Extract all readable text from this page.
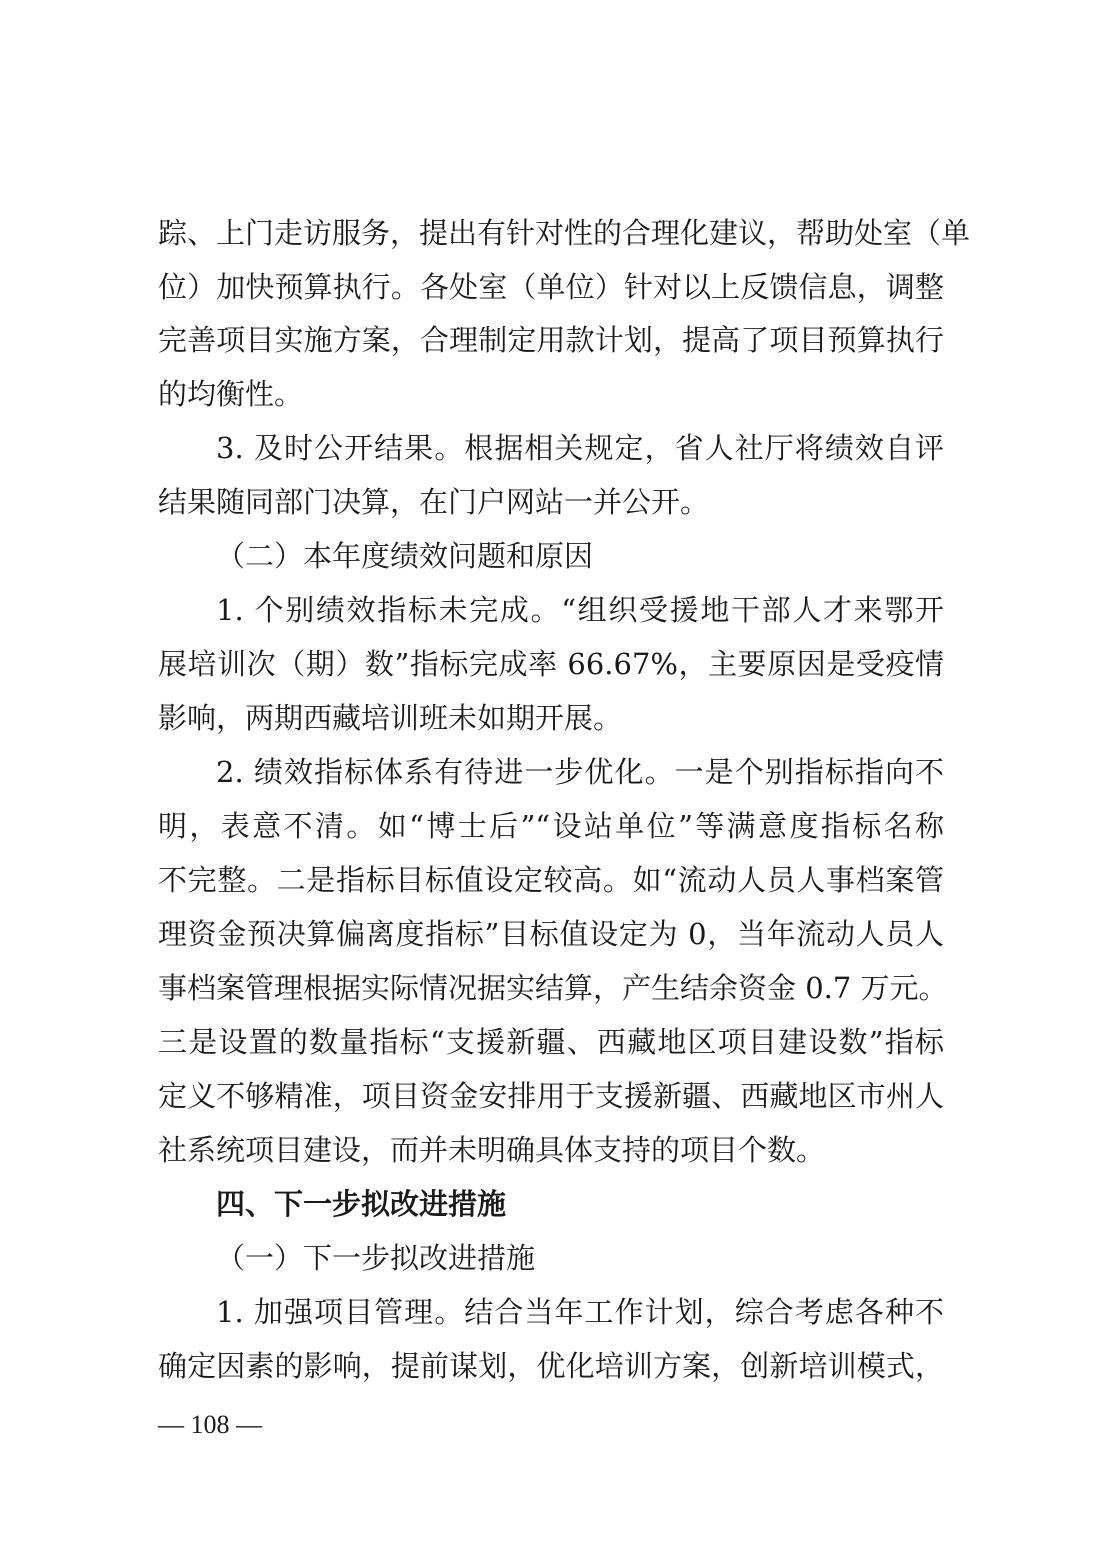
踪、上门走访服务，提出有针对性的合理化建议，帮助处室（单
位）加快预算执行。各处室（单位）针对以上反馈信息，调整
完善项目实施方案，合理制定用款计划，提高了项目预算执行
的均衡性。
3. 及时公开结果。根据相关规定，省人社厅将绩效自评
结果随同部门决算，在门户网站一并公开。
（二）本年度绩效问题和原因
1. 个别绩效指标未完成。“组织受援地干部人才来鄂开
展培训次（期）数”指标完成率 66.67%，主要原因是受疫情
影响，两期西藏培训班未如期开展。
2. 绩效指标体系有待进一步优化。一是个别指标指向不
明，表意不清。如“博士后”“设站单位”等满意度指标名称
不完整。二是指标目标值设定较高。如“流动人员人事档案管
理资金预决算偏离度指标”目标值设定为 0，当年流动人员人
事档案管理根据实际情况据实结算，产生结余资金 0.7 万元。
三是设置的数量指标“支援新疆、西藏地区项目建设数”指标
定义不够精准，项目资金安排用于支援新疆、西藏地区市州人
社系统项目建设，而并未明确具体支持的项目个数。
四、下一步拟改进措施
（一）下一步拟改进措施
1. 加强项目管理。结合当年工作计划，综合考虑各种不
确定因素的影响，提前谋划，优化培训方案，创新培训模式，
— 108 —
